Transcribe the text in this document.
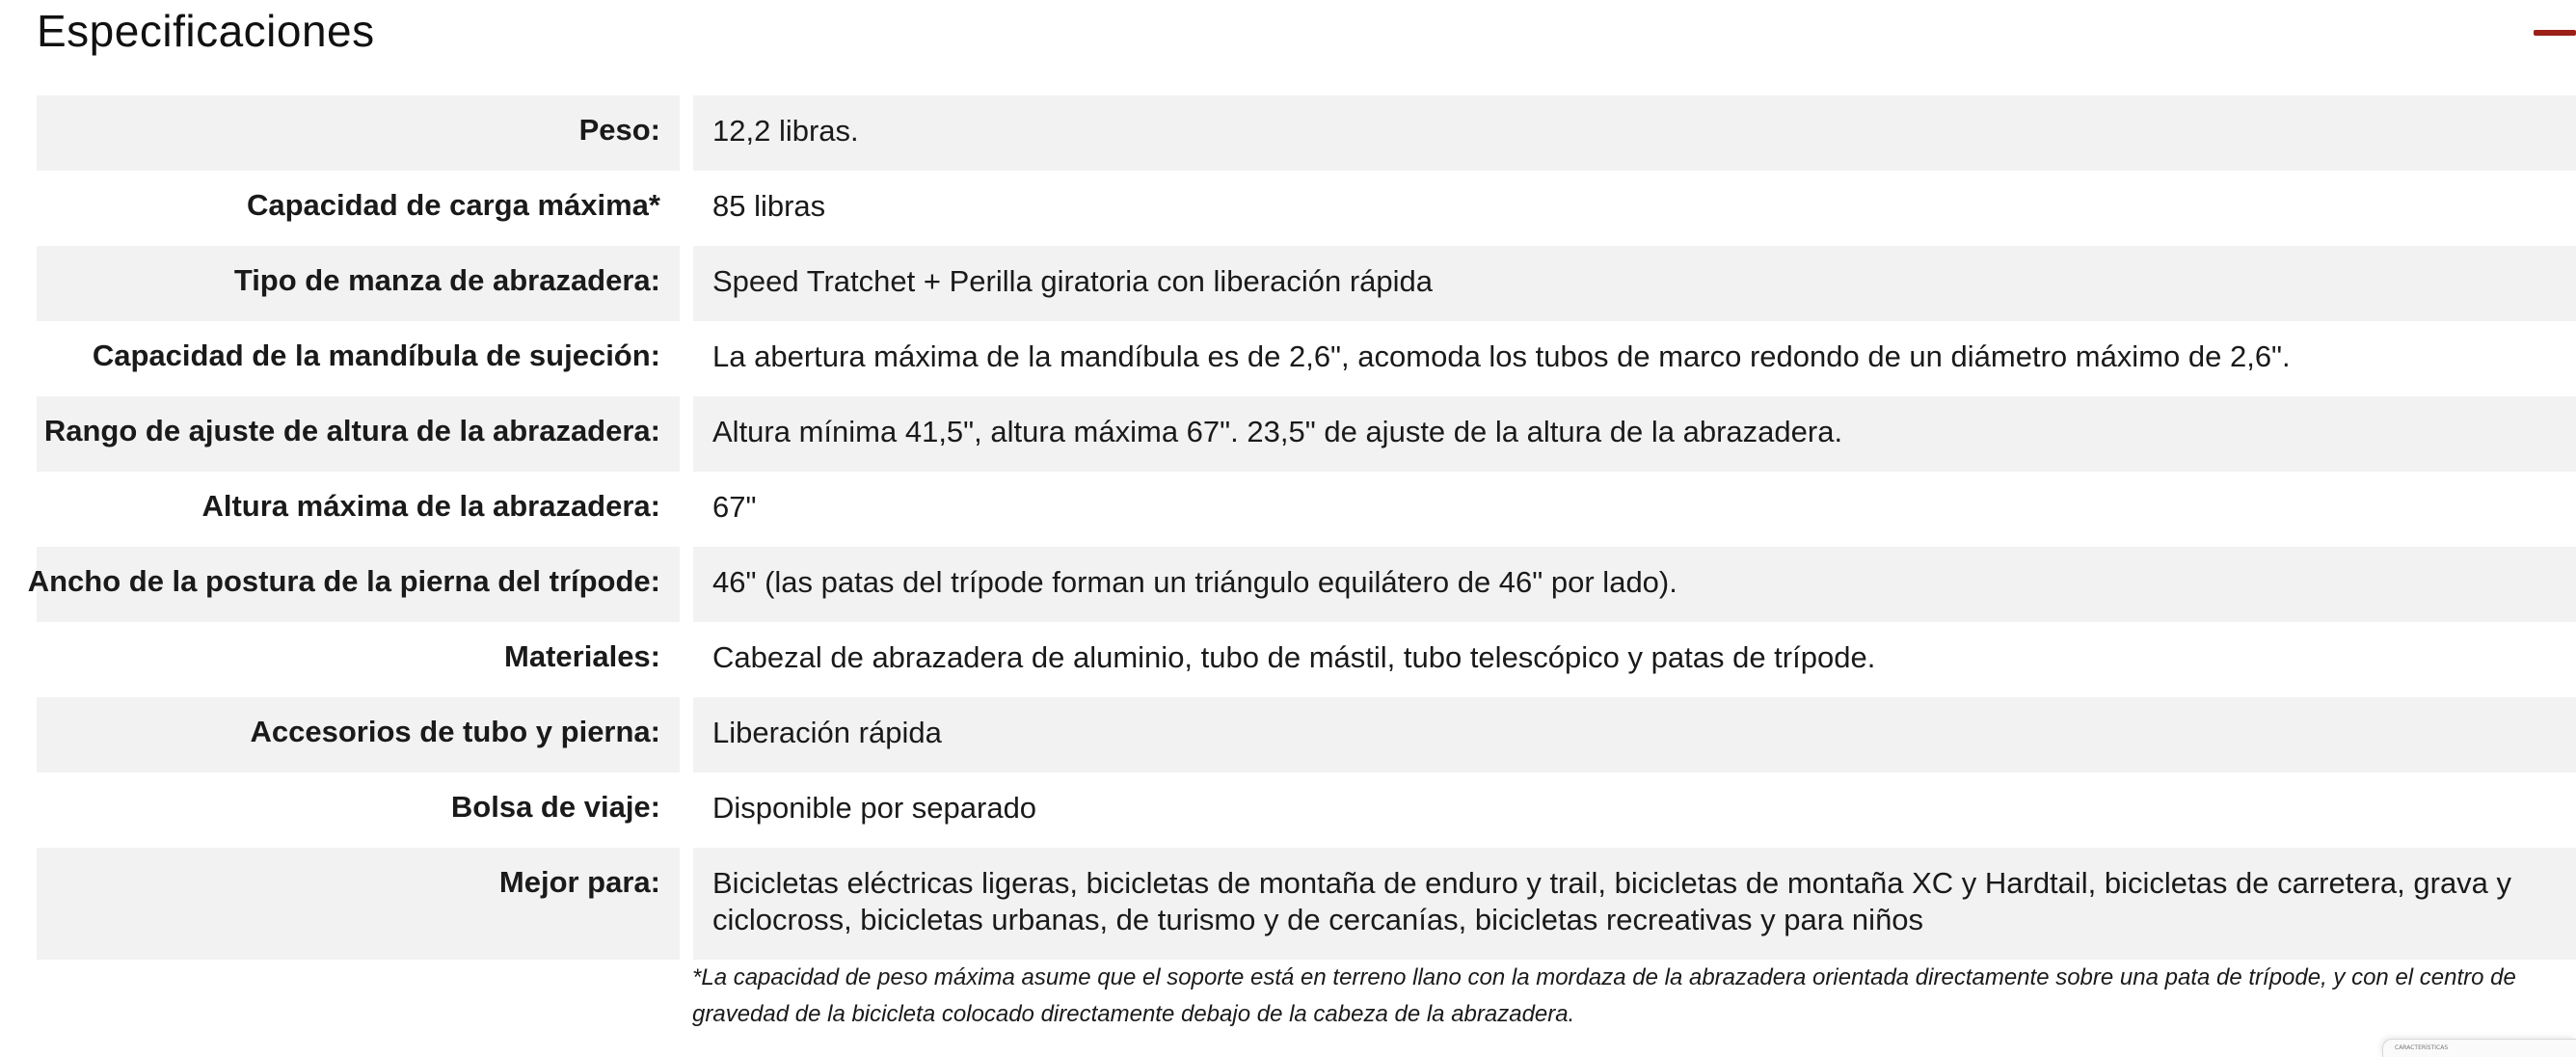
Especificaciones
Peso:	12,2 libras.
Capacidad de carga máxima*	85 libras
Tipo de manza de abrazadera:	Speed Tratchet + Perilla giratoria con liberación rápida
Capacidad de la mandíbula de sujeción:	La abertura máxima de la mandíbula es de 2,6", acomoda los tubos de marco redondo de un diámetro máximo de 2,6".
Rango de ajuste de altura de la abrazadera:	Altura mínima 41,5", altura máxima 67". 23,5" de ajuste de la altura de la abrazadera.
Altura máxima de la abrazadera:	67"
Ancho de la postura de la pierna del trípode:	46" (las patas del trípode forman un triángulo equilátero de 46" por lado).
Materiales:	Cabezal de abrazadera de aluminio, tubo de mástil, tubo telescópico y patas de trípode.
Accesorios de tubo y pierna:	Liberación rápida
Bolsa de viaje:	Disponible por separado
Mejor para:	Bicicletas eléctricas ligeras, bicicletas de montaña de enduro y trail, bicicletas de montaña XC y Hardtail, bicicletas de carretera, grava y ciclocross, bicicletas urbanas, de turismo y de cercanías, bicicletas recreativas y para niños

*La capacidad de peso máxima asume que el soporte está en terreno llano con la mordaza de la abrazadera orientada directamente sobre una pata de trípode, y con el centro de gravedad de la bicicleta colocado directamente debajo de la cabeza de la abrazadera.

CARACTERÍSTICAS
